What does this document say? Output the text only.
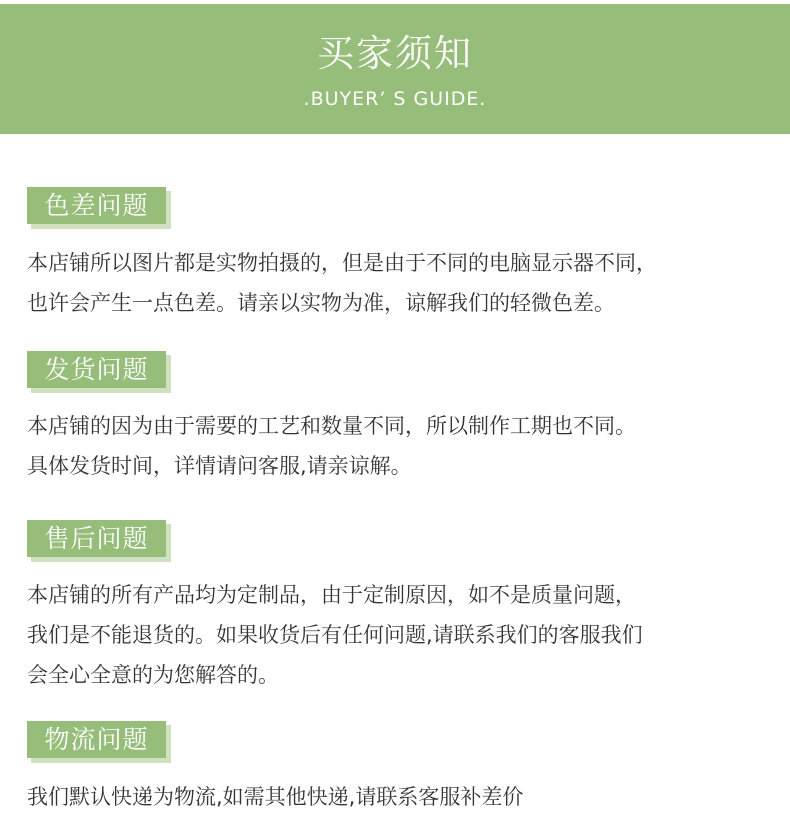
买家须知
.BUYER’ S GUIDE.
色差问题
本店铺所以图片都是实物拍摄的，但是由于不同的电脑显示器不同，
也许会产生一点色差。请亲以实物为准，谅解我们的轻微色差。
发货问题
本店铺的因为由于需要的工艺和数量不同，所以制作工期也不同。
具体发货时间，详情请问客服,请亲谅解。
售后问题
本店铺的所有产品均为定制品，由于定制原因，如不是质量问题，
我们是不能退货的。如果收货后有任何问题,请联系我们的客服我们
会全心全意的为您解答的。
物流问题
我们默认快递为物流,如需其他快递,请联系客服补差价
